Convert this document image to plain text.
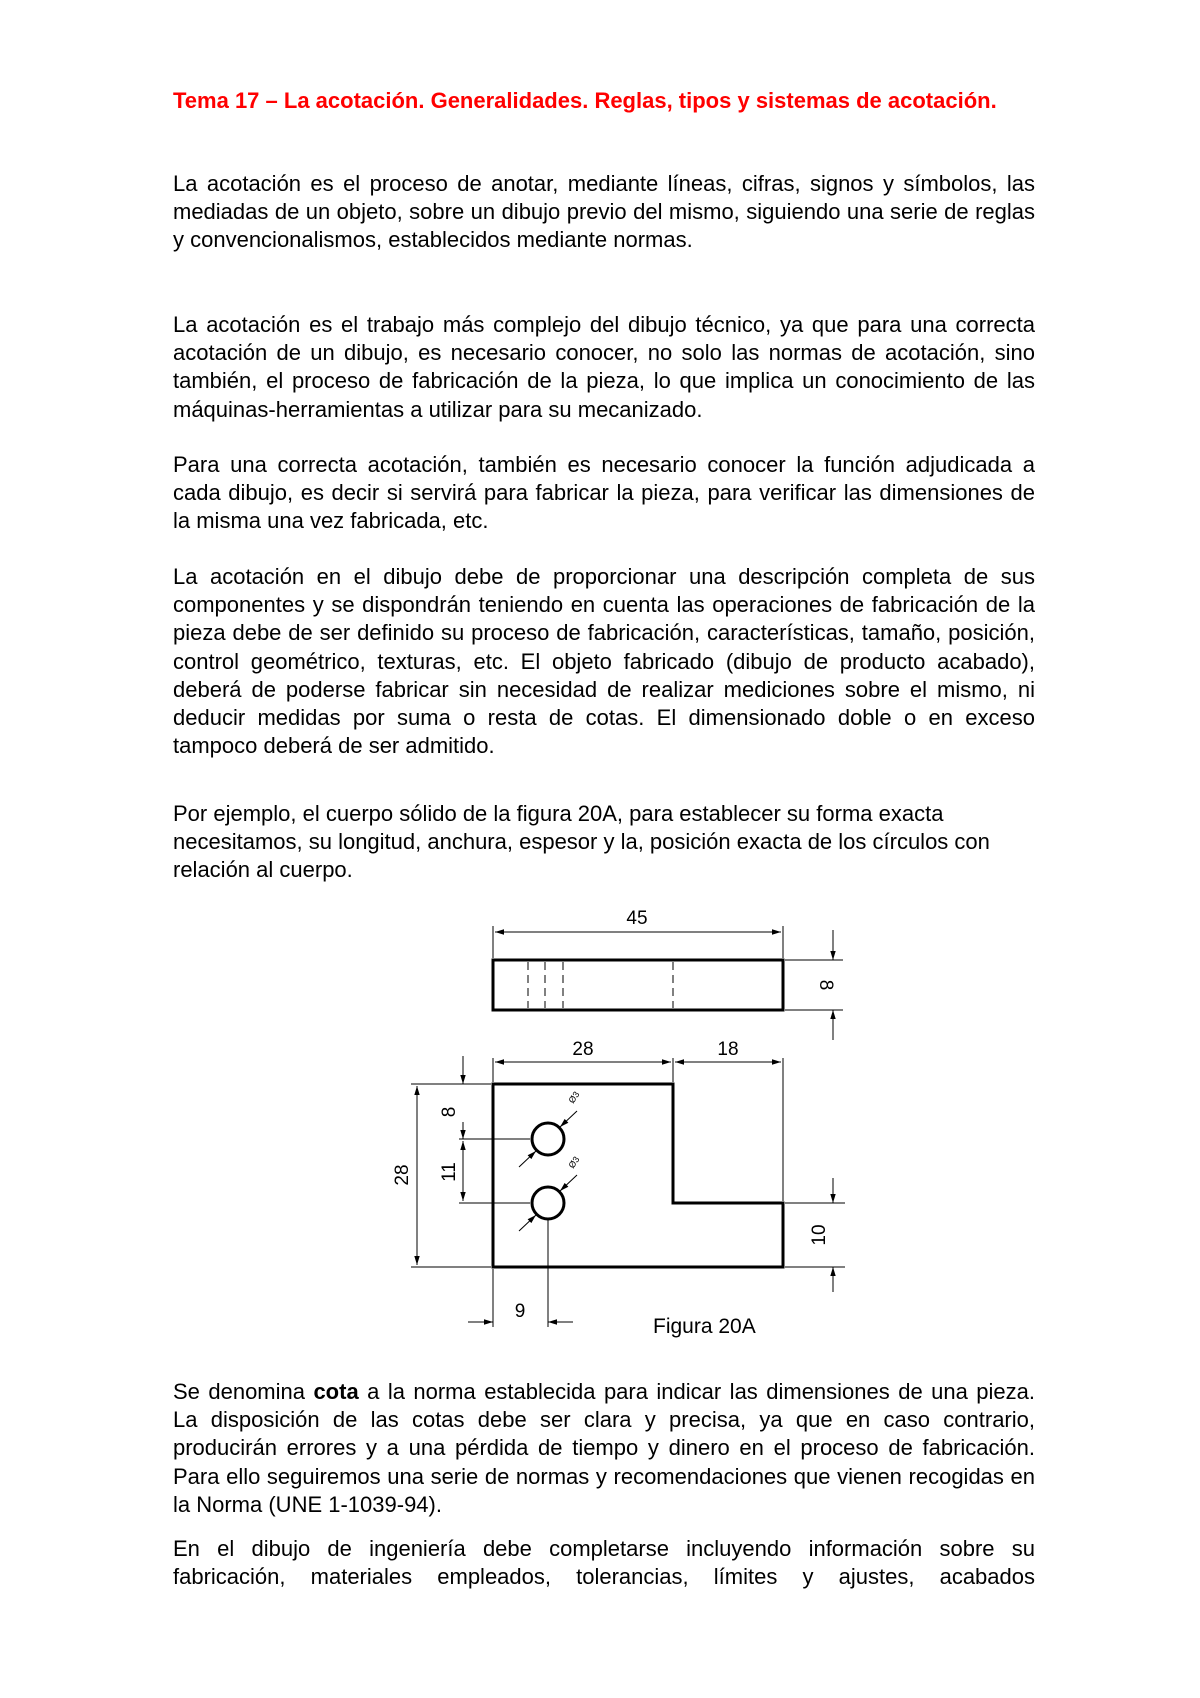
Tema 17 – La acotación. Generalidades. Reglas, tipos y sistemas de acotación.

La acotación es el proceso de anotar, mediante líneas, cifras, signos y símbolos, las mediadas de un objeto, sobre un dibujo previo del mismo, siguiendo una serie de reglas y convencionalismos, establecidos mediante normas.

La acotación es el trabajo más complejo del dibujo técnico, ya que para una correcta acotación de un dibujo, es necesario conocer, no solo las normas de acotación, sino también, el proceso de fabricación de la pieza, lo que implica un conocimiento de las máquinas-herramientas a utilizar para su mecanizado.

Para una correcta acotación, también es necesario conocer la función adjudicada a cada dibujo, es decir si servirá para fabricar la pieza, para verificar las dimensiones de la misma una vez fabricada, etc.

La acotación en el dibujo debe de proporcionar una descripción completa de sus componentes y se dispondrán teniendo en cuenta las operaciones de fabricación de la pieza debe de ser definido su proceso de fabricación, características, tamaño, posición, control geométrico, texturas, etc. El objeto fabricado (dibujo de producto acabado), deberá de poderse fabricar sin necesidad de realizar mediciones sobre el mismo, ni deducir medidas por suma o resta de cotas. El dimensionado doble o en exceso tampoco deberá de ser admitido.

Por ejemplo, el cuerpo sólido de la figura 20A, para establecer su forma exacta necesitamos, su longitud, anchura, espesor y la, posición exacta de los círculos con relación al cuerpo.

45
8
Ø3
Ø3
28	18
28
8
11
10
9
Figura 20A

Se denomina cota a la norma establecida para indicar las dimensiones de una pieza. La disposición de las cotas debe ser clara y precisa, ya que en caso contrario, producirán errores y a una pérdida de tiempo y dinero en el proceso de fabricación. Para ello seguiremos una serie de normas y recomendaciones que vienen recogidas en la Norma (UNE 1-1039-94).

En el dibujo de ingeniería debe completarse incluyendo información sobre su fabricación, materiales empleados, tolerancias, límites y ajustes, acabados
